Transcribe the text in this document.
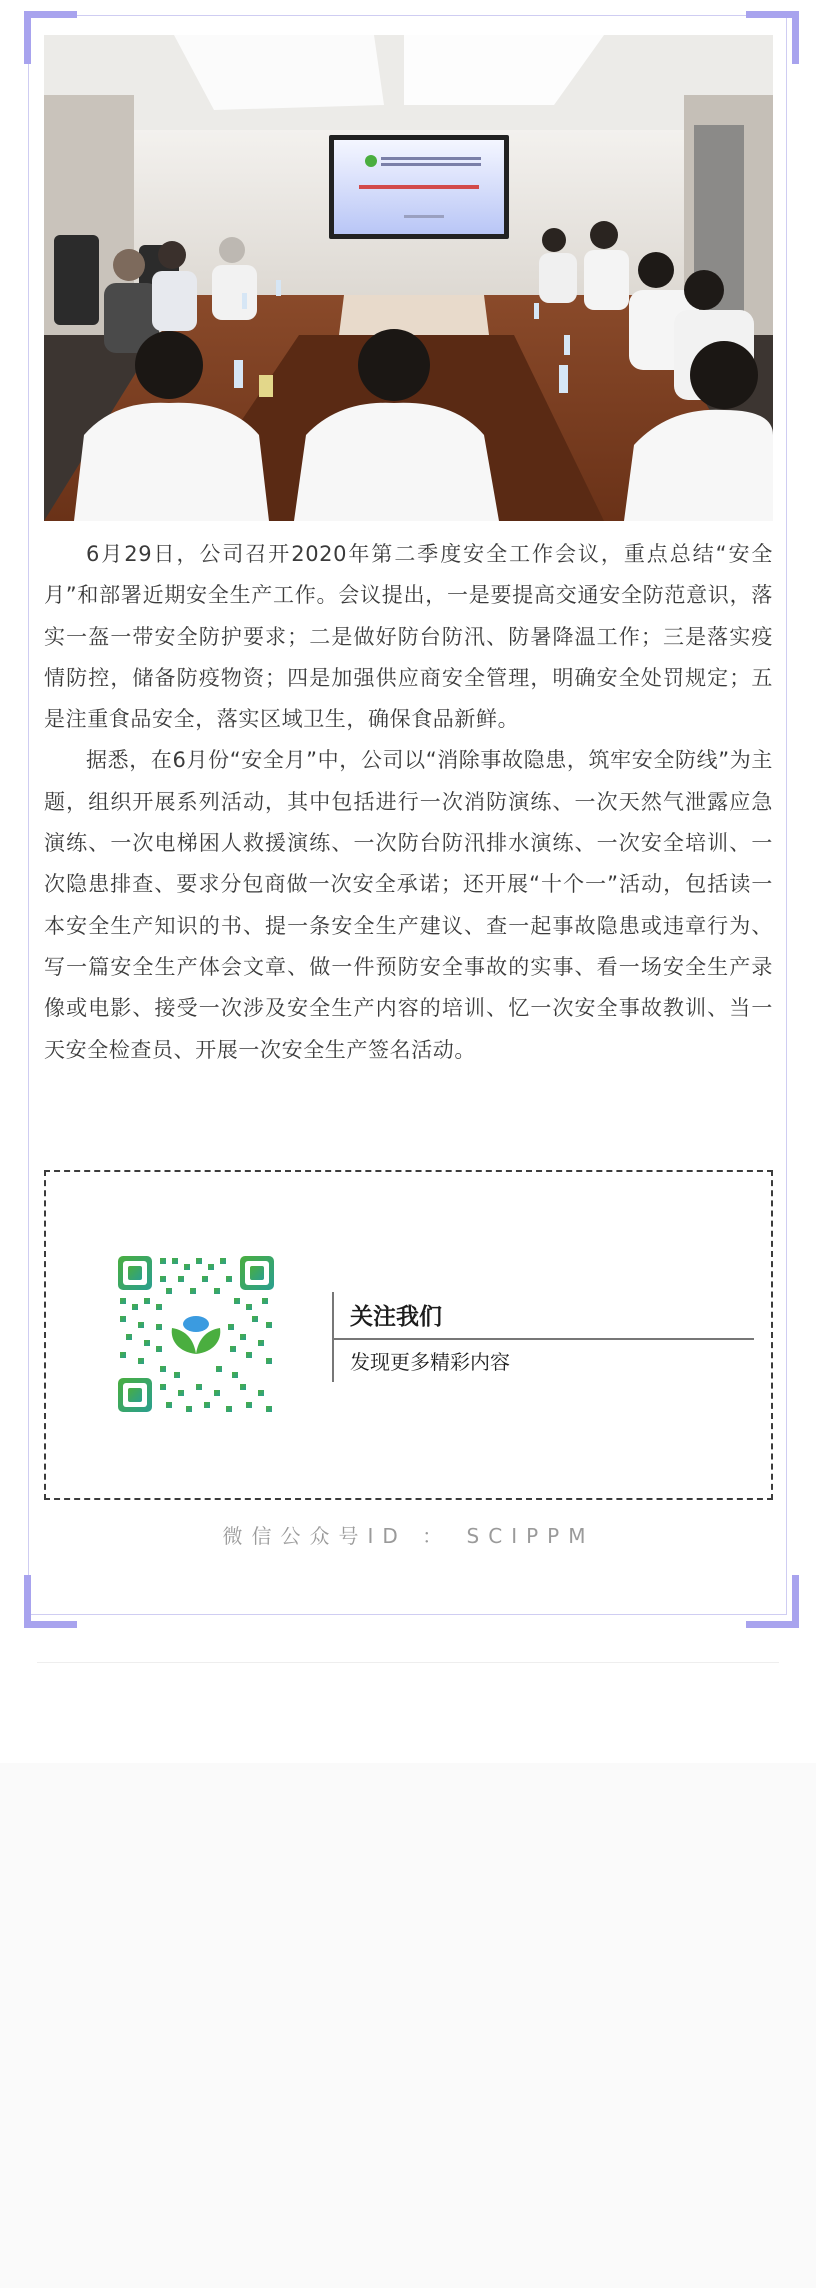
6月29日，公司召开2020年第二季度安全工作会议，重点总结“安全月”和部署近期安全生产工作。会议提出，一是要提高交通安全防范意识，落实一盔一带安全防护要求；二是做好防台防汛、防暑降温工作；三是落实疫情防控，储备防疫物资；四是加强供应商安全管理，明确安全处罚规定；五是注重食品安全，落实区域卫生，确保食品新鲜。

据悉，在6月份“安全月”中，公司以“消除事故隐患，筑牢安全防线”为主题，组织开展系列活动，其中包括进行一次消防演练、一次天然气泄露应急演练、一次电梯困人救援演练、一次防台防汛排水演练、一次安全培训、一次隐患排查、要求分包商做一次安全承诺；还开展“十个一”活动，包括读一本安全生产知识的书、提一条安全生产建议、查一起事故隐患或违章行为、写一篇安全生产体会文章、做一件预防安全事故的实事、看一场安全生产录像或电影、接受一次涉及安全生产内容的培训、忆一次安全事故教训、当一天安全检查员、开展一次安全生产签名活动。

关注我们
发现更多精彩内容
微信公众号ID ： SCIPPM
